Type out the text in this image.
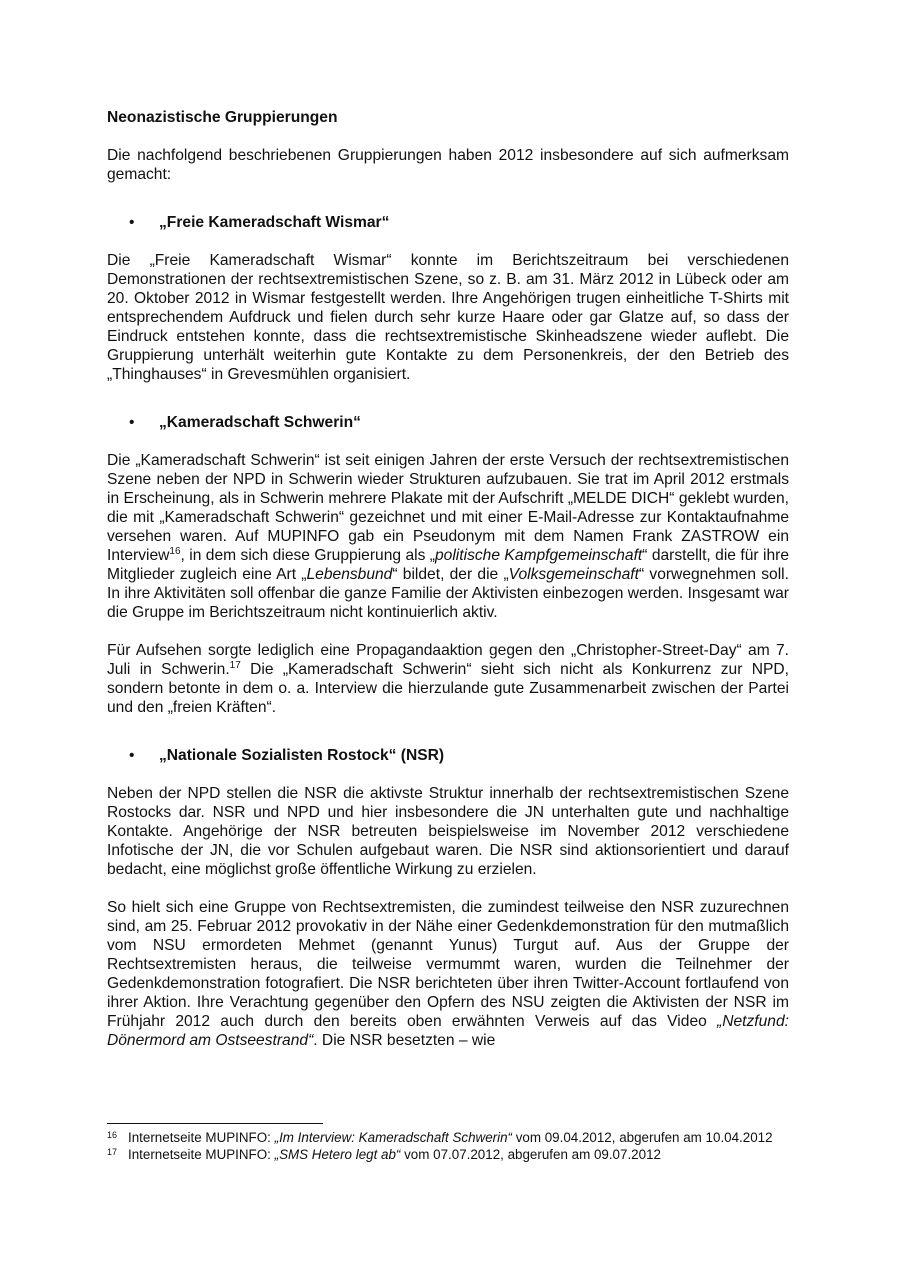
Neonazistische Gruppierungen

Die nachfolgend beschriebenen Gruppierungen haben 2012 insbesondere auf sich aufmerksam gemacht:

• „Freie Kameradschaft Wismar“

Die „Freie Kameradschaft Wismar“ konnte im Berichtszeitraum bei verschiedenen Demonstrationen der rechtsextremistischen Szene, so z. B. am 31. März 2012 in Lübeck oder am 20. Oktober 2012 in Wismar festgestellt werden. Ihre Angehörigen trugen einheitliche T-Shirts mit entsprechendem Aufdruck und fielen durch sehr kurze Haare oder gar Glatze auf, so dass der Eindruck entstehen konnte, dass die rechtsextremistische Skinheadszene wieder auflebt. Die Gruppierung unterhält weiterhin gute Kontakte zu dem Personenkreis, der den Betrieb des „Thinghauses“ in Grevesmühlen organisiert.

• „Kameradschaft Schwerin“

Die „Kameradschaft Schwerin“ ist seit einigen Jahren der erste Versuch der rechtsextremistischen Szene neben der NPD in Schwerin wieder Strukturen aufzubauen. Sie trat im April 2012 erstmals in Erscheinung, als in Schwerin mehrere Plakate mit der Aufschrift „MELDE DICH“ geklebt wurden, die mit „Kameradschaft Schwerin“ gezeichnet und mit einer E-Mail-Adresse zur Kontaktaufnahme versehen waren. Auf MUPINFO gab ein Pseudonym mit dem Namen Frank ZASTROW ein Interview$^{16}$, in dem sich diese Gruppierung als „politische Kampfgemeinschaft“ darstellt, die für ihre Mitglieder zugleich eine Art „Lebensbund“ bildet, der die „Volksgemeinschaft“ vorwegnehmen soll. In ihre Aktivitäten soll offenbar die ganze Familie der Aktivisten einbezogen werden. Insgesamt war die Gruppe im Berichtszeitraum nicht kontinuierlich aktiv.

Für Aufsehen sorgte lediglich eine Propagandaaktion gegen den „Christopher-Street-Day“ am 7. Juli in Schwerin.$^{17}$ Die „Kameradschaft Schwerin“ sieht sich nicht als Konkurrenz zur NPD, sondern betonte in dem o. a. Interview die hierzulande gute Zusammenarbeit zwischen der Partei und den „freien Kräften“.

• „Nationale Sozialisten Rostock“ (NSR)

Neben der NPD stellen die NSR die aktivste Struktur innerhalb der rechtsextremistischen Szene Rostocks dar. NSR und NPD und hier insbesondere die JN unterhalten gute und nachhaltige Kontakte. Angehörige der NSR betreuten beispielsweise im November 2012 verschiedene Infotische der JN, die vor Schulen aufgebaut waren. Die NSR sind aktionsorientiert und darauf bedacht, eine möglichst große öffentliche Wirkung zu erzielen.

So hielt sich eine Gruppe von Rechtsextremisten, die zumindest teilweise den NSR zuzurechnen sind, am 25. Februar 2012 provokativ in der Nähe einer Gedenkdemonstration für den mutmaßlich vom NSU ermordeten Mehmet (genannt Yunus) Turgut auf. Aus der Gruppe der Rechtsextremisten heraus, die teilweise vermummt waren, wurden die Teilnehmer der Gedenkdemonstration fotografiert. Die NSR berichteten über ihren Twitter-Account fortlaufend von ihrer Aktion. Ihre Verachtung gegenüber den Opfern des NSU zeigten die Aktivisten der NSR im Frühjahr 2012 auch durch den bereits oben erwähnten Verweis auf das Video „Netzfund: Dönermord am Ostseestrand“. Die NSR besetzten – wie

16 Internetseite MUPINFO: „Im Interview: Kameradschaft Schwerin“ vom 09.04.2012, abgerufen am 10.04.2012
17 Internetseite MUPINFO: „SMS Hetero legt ab“ vom 07.07.2012, abgerufen am 09.07.2012
